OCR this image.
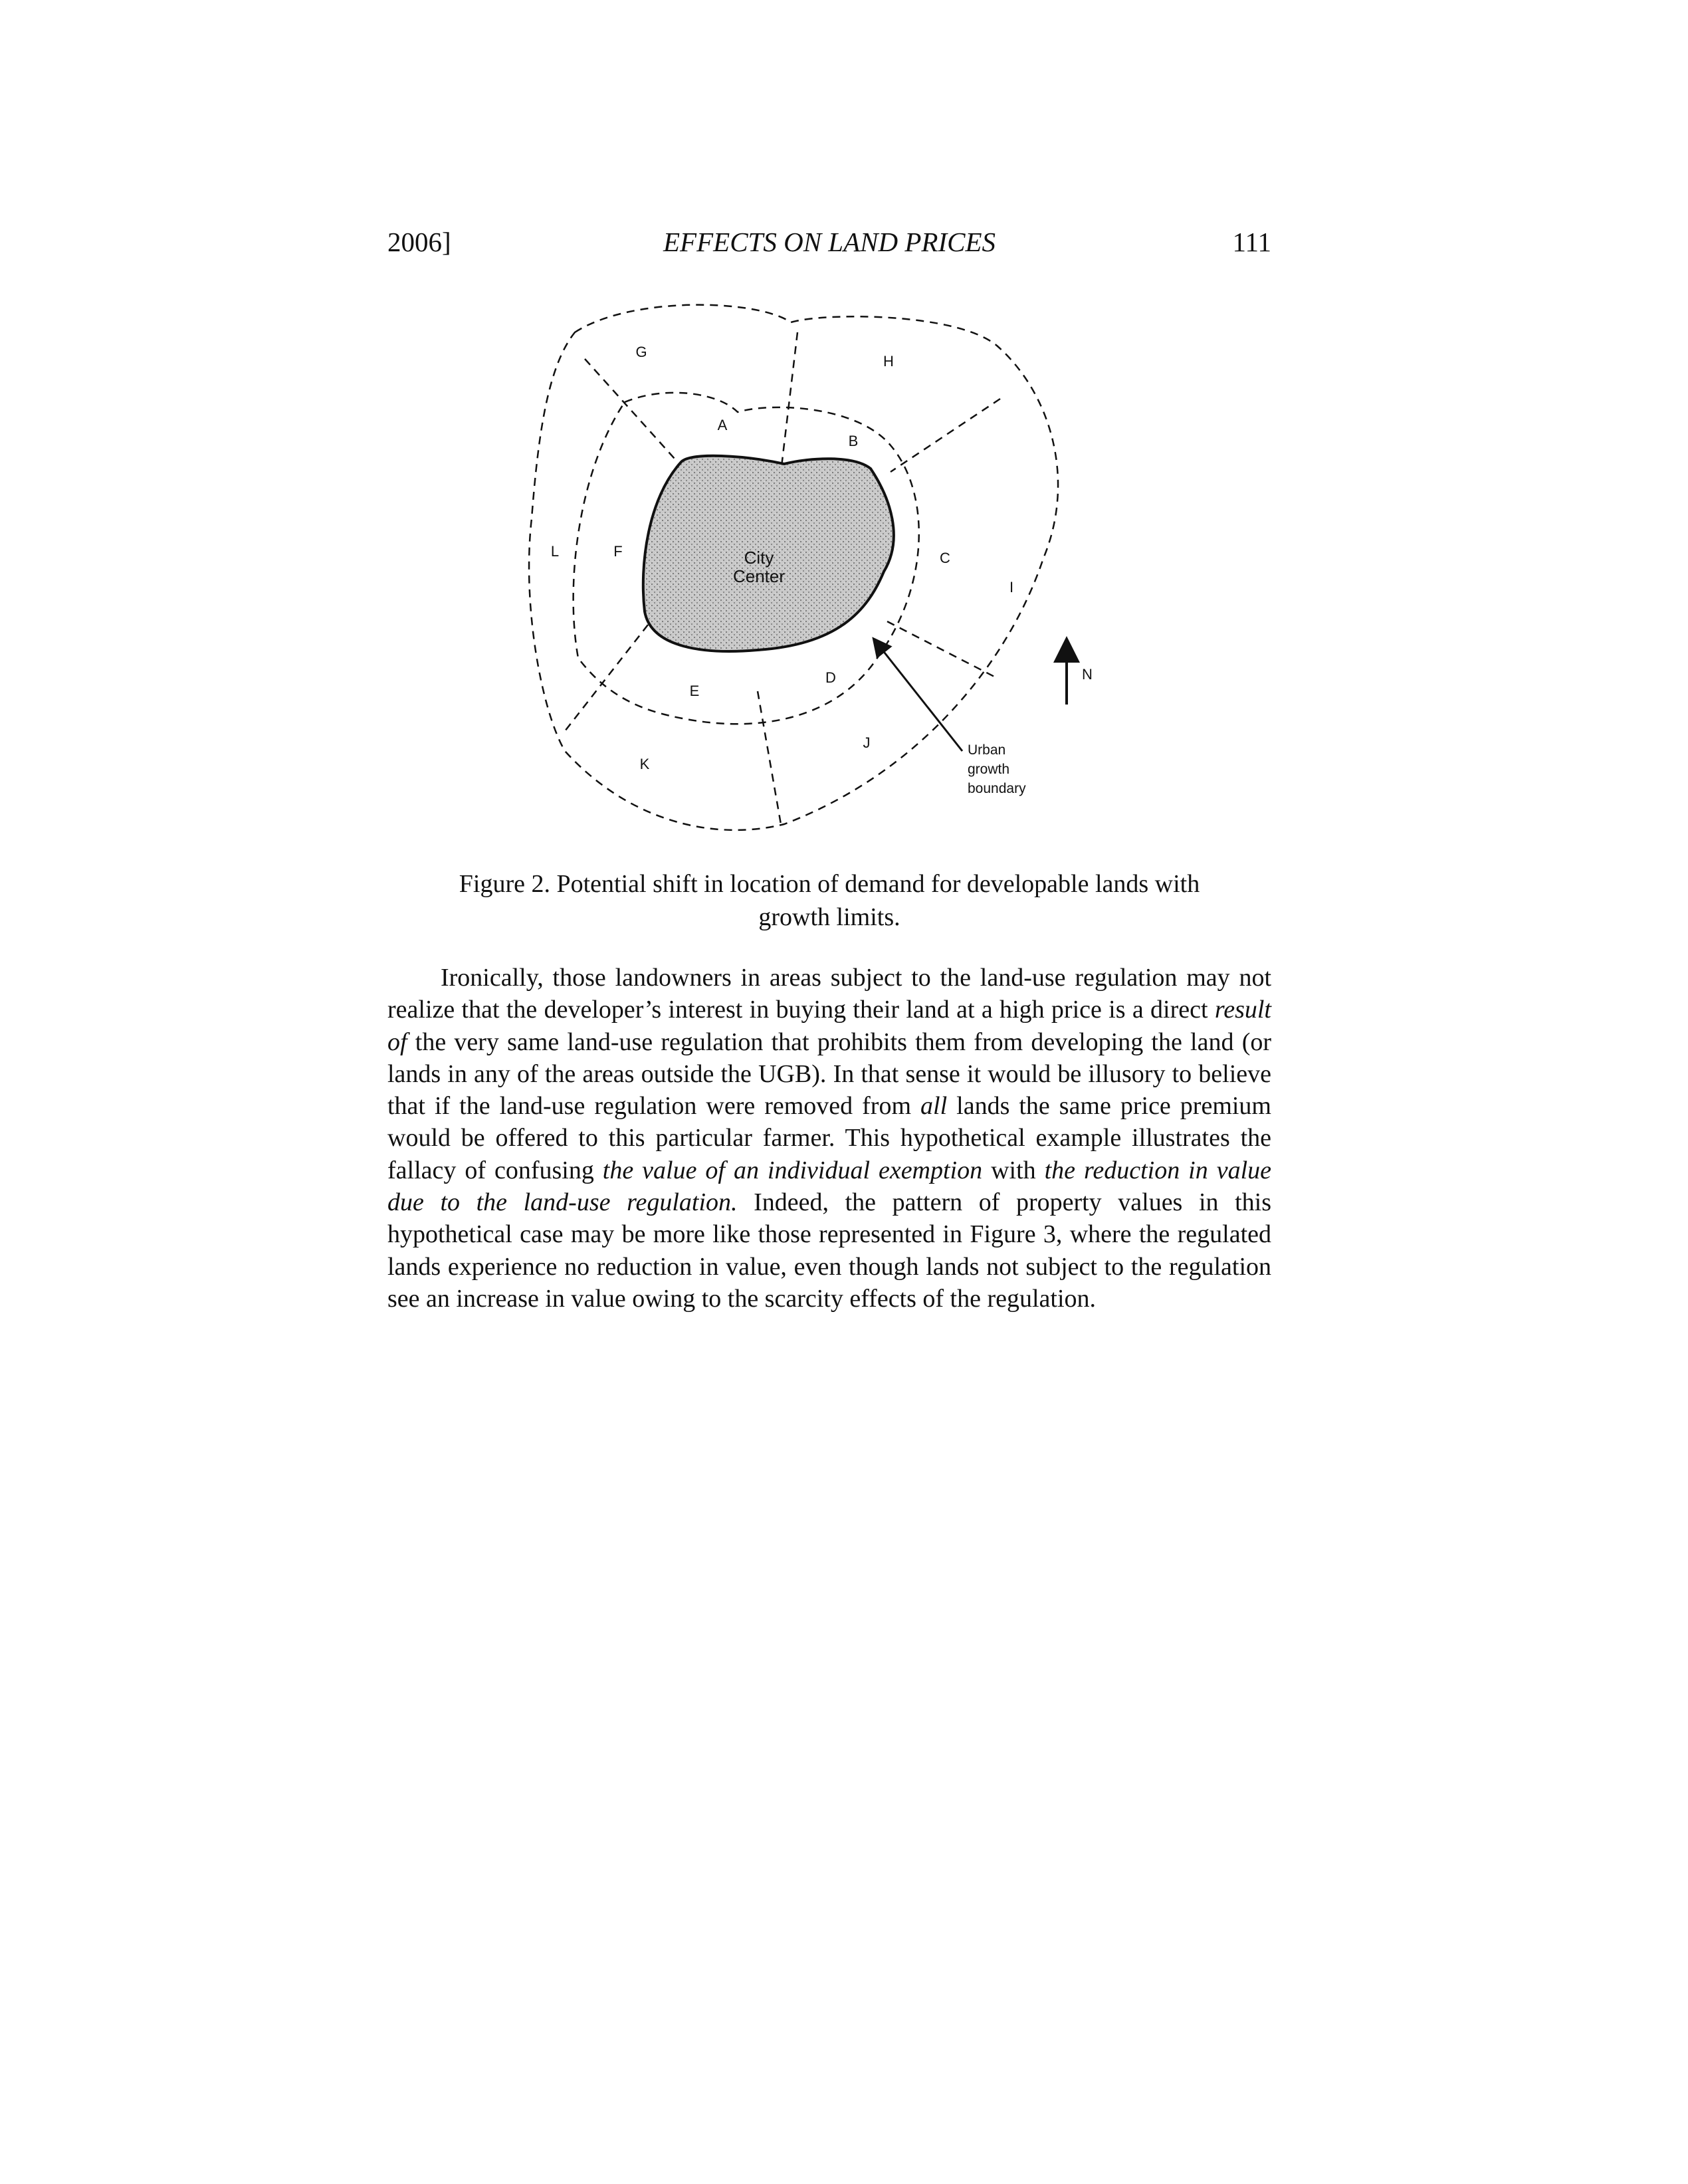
2006]	EFFECTS ON LAND PRICES	111
G
H
A
B
L	F	C
I
D
E
J
K
City
Center
N
Urban
growth
boundary
Figure 2. Potential shift in location of demand for developable lands with
growth limits.

Ironically, those landowners in areas subject to the land-use regulation may not realize that the developer’s interest in buying their land at a high price is a direct result of the very same land-use regulation that prohibits them from developing the land (or lands in any of the areas outside the UGB). In that sense it would be illusory to believe that if the land-use regulation were removed from all lands the same price premium would be offered to this particular farmer. This hypothetical example illustrates the fallacy of confusing the value of an individual exemption with the reduction in value due to the land-use regulation. Indeed, the pattern of property values in this hypothetical case may be more like those represented in Figure 3, where the regulated lands experience no reduction in value, even though lands not subject to the regulation see an increase in value owing to the scarcity effects of the regulation.
